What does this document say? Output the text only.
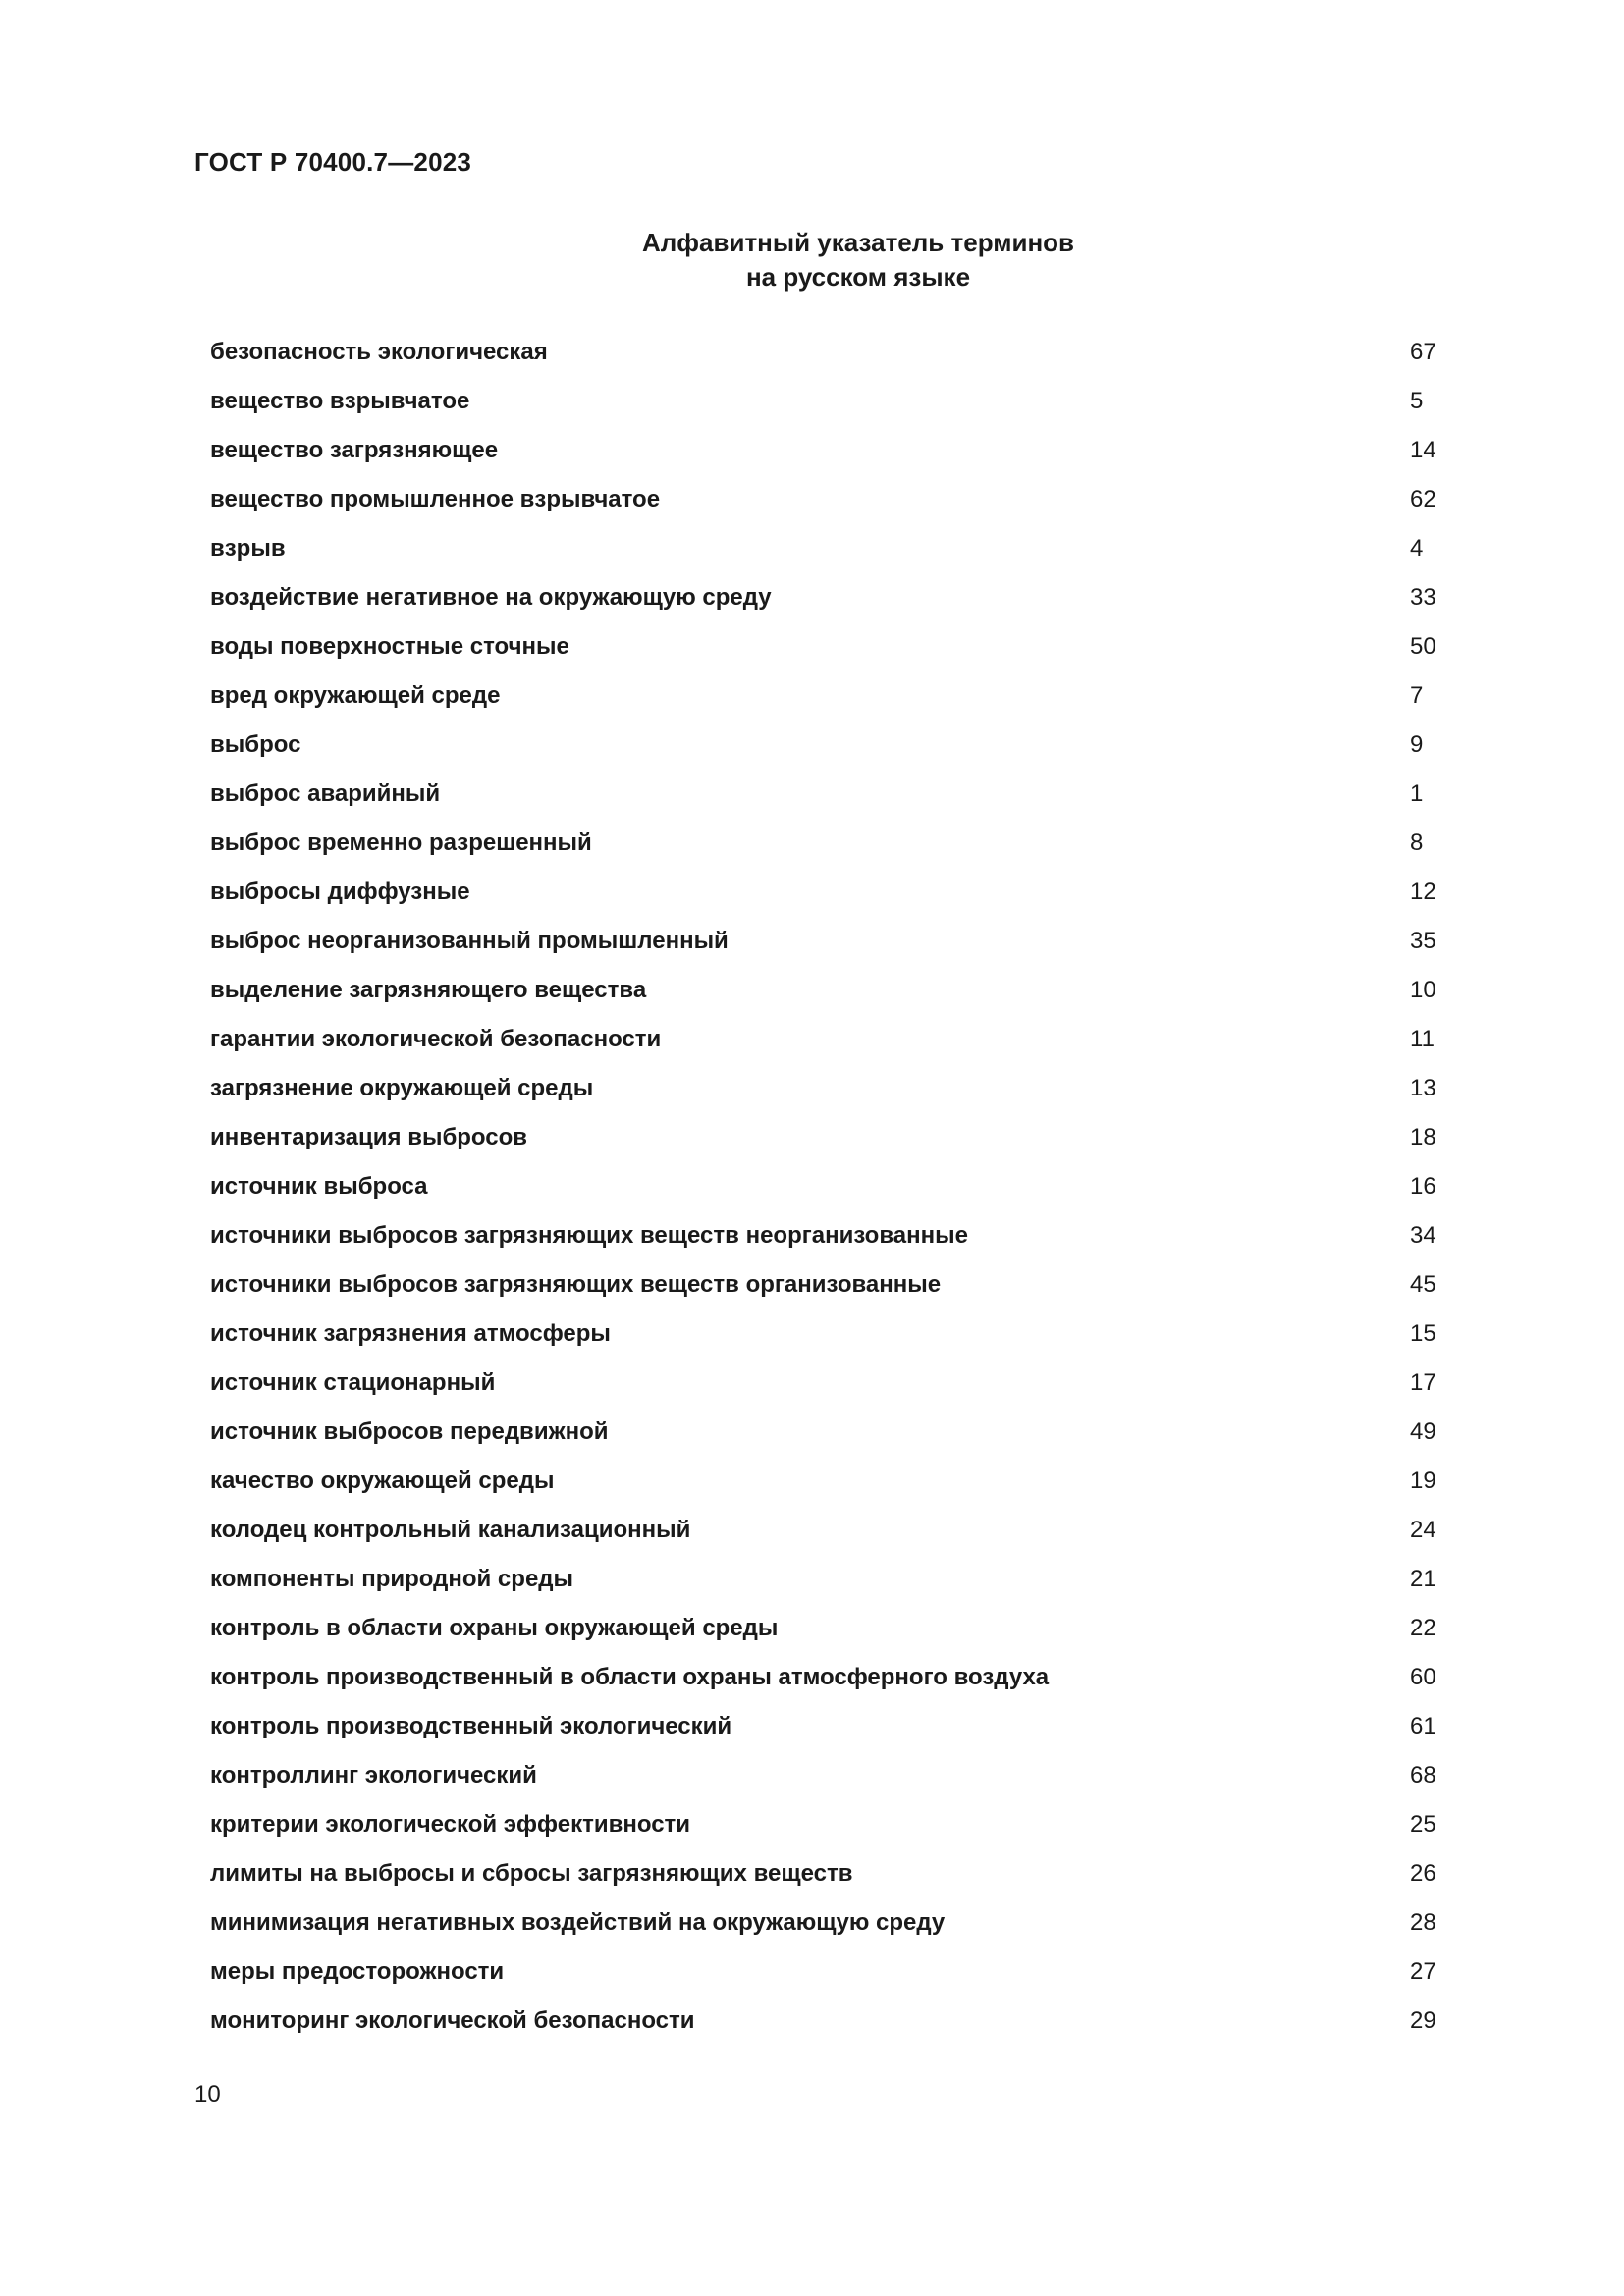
ГОСТ Р 70400.7—2023
Алфавитный указатель терминов
на русском языке
безопасность экологическая	67
вещество взрывчатое	5
вещество загрязняющее	14
вещество промышленное взрывчатое	62
взрыв	4
воздействие негативное на окружающую среду	33
воды поверхностные сточные	50
вред окружающей среде	7
выброс	9
выброс аварийный	1
выброс временно разрешенный	8
выбросы диффузные	12
выброс неорганизованный промышленный	35
выделение загрязняющего вещества	10
гарантии экологической безопасности	11
загрязнение окружающей среды	13
инвентаризация выбросов	18
источник выброса	16
источники выбросов загрязняющих веществ неорганизованные	34
источники выбросов загрязняющих веществ организованные	45
источник загрязнения атмосферы	15
источник стационарный	17
источник выбросов передвижной	49
качество окружающей среды	19
колодец контрольный канализационный	24
компоненты природной среды	21
контроль в области охраны окружающей среды	22
контроль производственный в области охраны атмосферного воздуха	60
контроль производственный экологический	61
контроллинг экологический	68
критерии экологической эффективности	25
лимиты на выбросы и сбросы загрязняющих веществ	26
минимизация негативных воздействий на окружающую среду	28
меры предосторожности	27
мониторинг экологической безопасности	29
10
